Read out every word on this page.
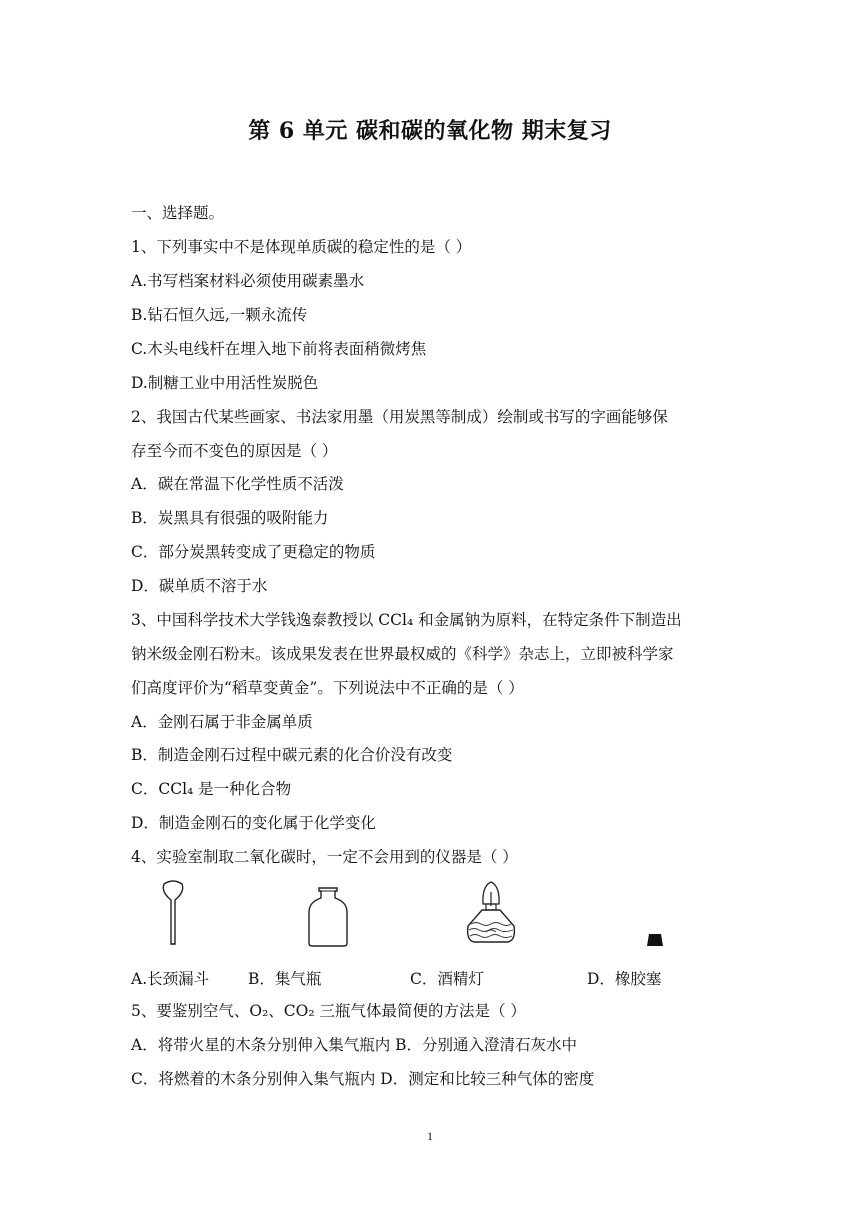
第 6 单元 碳和碳的氧化物 期末复习
一、选择题。
1、下列事实中不是体现单质碳的稳定性的是（ ）
A.书写档案材料必须使用碳素墨水
B.钻石恒久远,一颗永流传
C.木头电线杆在埋入地下前将表面稍微烤焦
D.制糖工业中用活性炭脱色
2、我国古代某些画家、书法家用墨（用炭黑等制成）绘制或书写的字画能够保
存至今而不变色的原因是（ ）
A．碳在常温下化学性质不活泼
B．炭黑具有很强的吸附能力
C．部分炭黑转变成了更稳定的物质
D．碳单质不溶于水
3、中国科学技术大学钱逸泰教授以 CCl₄ 和金属钠为原料，在特定条件下制造出
钠米级金刚石粉末。该成果发表在世界最权威的《科学》杂志上，立即被科学家
们高度评价为“稻草变黄金”。下列说法中不正确的是（ ）
A．金刚石属于非金属单质
B．制造金刚石过程中碳元素的化合价没有改变
C．CCl₄ 是一种化合物
D．制造金刚石的变化属于化学变化
4、实验室制取二氧化碳时，一定不会用到的仪器是（ ）
A.长颈漏斗	B．集气瓶	C．酒精灯	D．橡胶塞
5、要鉴别空气、O₂、CO₂ 三瓶气体最简便的方法是（ ）
A．将带火星的木条分别伸入集气瓶内 B．分别通入澄清石灰水中
C．将燃着的木条分别伸入集气瓶内 D．测定和比较三种气体的密度
1
